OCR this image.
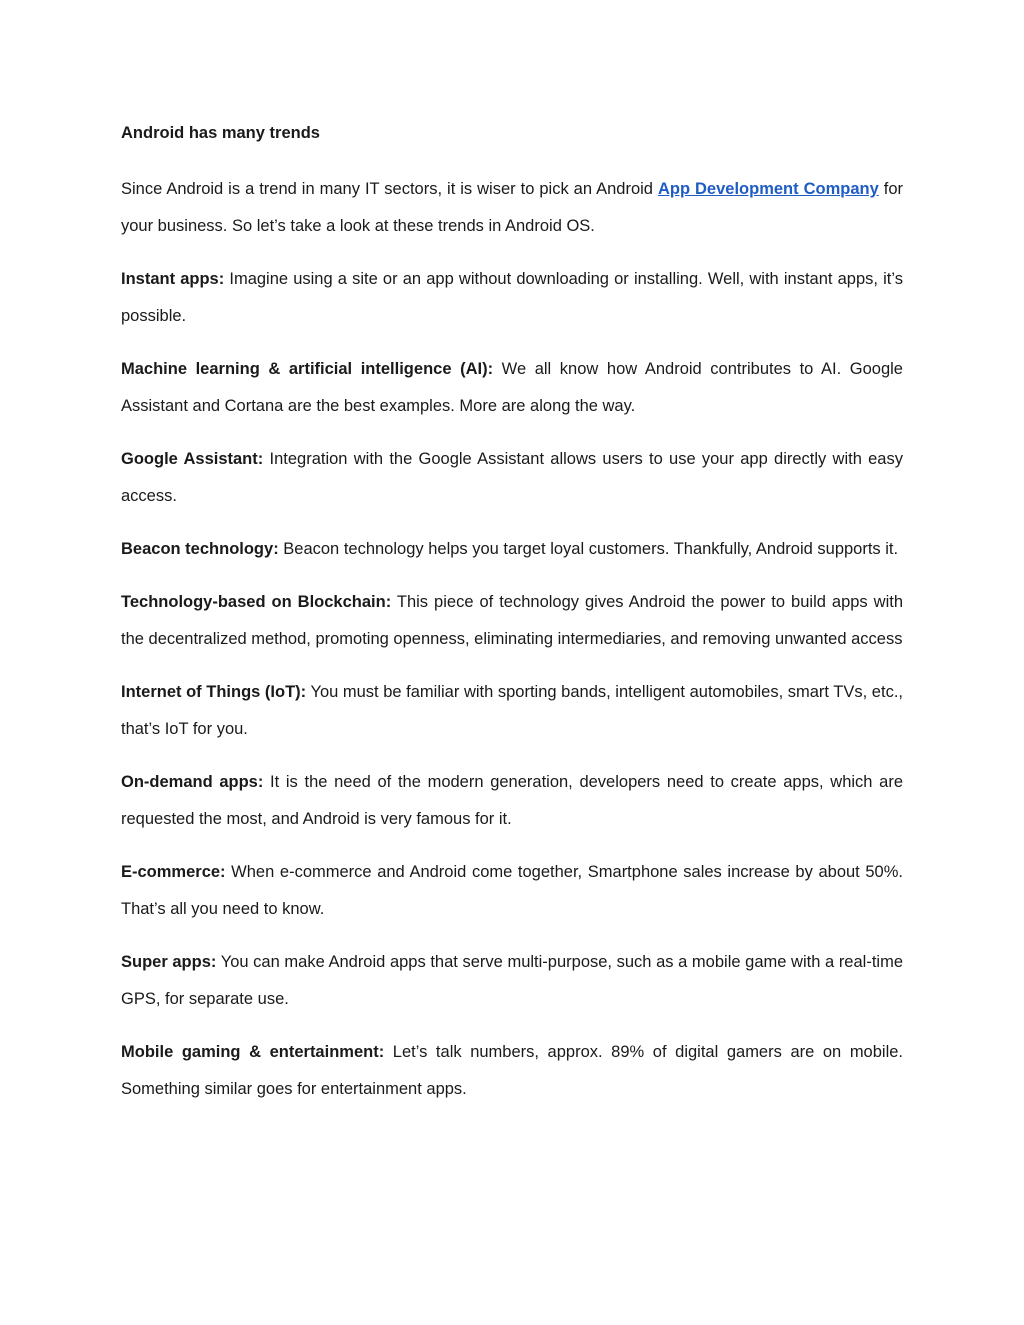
Android has many trends

Since Android is a trend in many IT sectors, it is wiser to pick an Android App Development Company for your business. So let’s take a look at these trends in Android OS.

Instant apps: Imagine using a site or an app without downloading or installing. Well, with instant apps, it’s possible.

Machine learning & artificial intelligence (AI): We all know how Android contributes to AI. Google Assistant and Cortana are the best examples. More are along the way.

Google Assistant: Integration with the Google Assistant allows users to use your app directly with easy access.

Beacon technology: Beacon technology helps you target loyal customers. Thankfully, Android supports it.

Technology-based on Blockchain: This piece of technology gives Android the power to build apps with the decentralized method, promoting openness, eliminating intermediaries, and removing unwanted access

Internet of Things (IoT): You must be familiar with sporting bands, intelligent automobiles, smart TVs, etc., that’s IoT for you.

On-demand apps: It is the need of the modern generation, developers need to create apps, which are requested the most, and Android is very famous for it.

E-commerce: When e-commerce and Android come together, Smartphone sales increase by about 50%. That’s all you need to know.

Super apps: You can make Android apps that serve multi-purpose, such as a mobile game with a real-time GPS, for separate use.

Mobile gaming & entertainment: Let’s talk numbers, approx. 89% of digital gamers are on mobile. Something similar goes for entertainment apps.
